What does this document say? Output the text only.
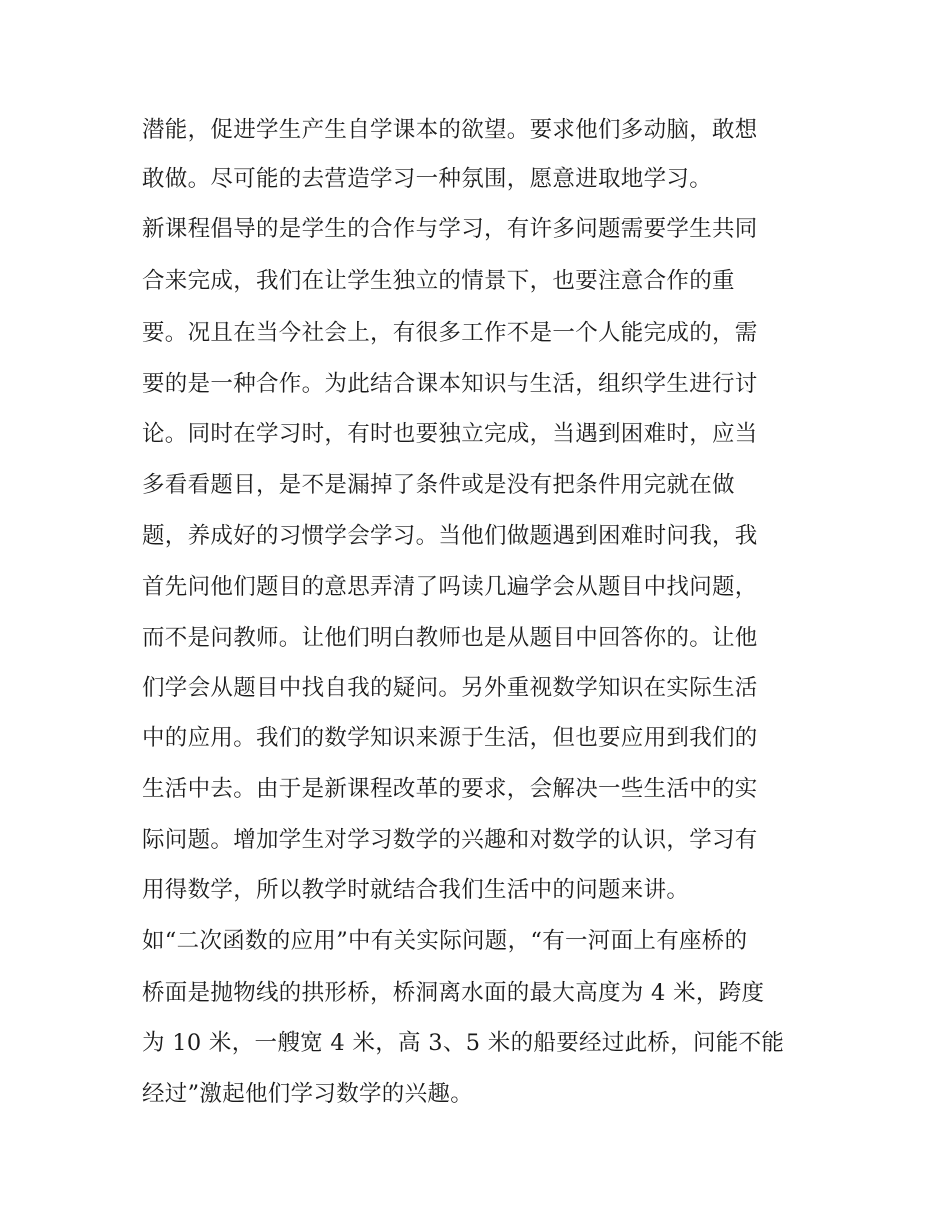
潜能，促进学生产生自学课本的欲望。要求他们多动脑，敢想
敢做。尽可能的去营造学习一种氛围，愿意进取地学习。
新课程倡导的是学生的合作与学习，有许多问题需要学生共同
合来完成，我们在让学生独立的情景下，也要注意合作的重
要。况且在当今社会上，有很多工作不是一个人能完成的，需
要的是一种合作。为此结合课本知识与生活，组织学生进行讨
论。同时在学习时，有时也要独立完成，当遇到困难时，应当
多看看题目，是不是漏掉了条件或是没有把条件用完就在做
题，养成好的习惯学会学习。当他们做题遇到困难时问我，我
首先问他们题目的意思弄清了吗读几遍学会从题目中找问题，
而不是问教师。让他们明白教师也是从题目中回答你的。让他
们学会从题目中找自我的疑问。另外重视数学知识在实际生活
中的应用。我们的数学知识来源于生活，但也要应用到我们的
生活中去。由于是新课程改革的要求，会解决一些生活中的实
际问题。增加学生对学习数学的兴趣和对数学的认识，学习有
用得数学，所以教学时就结合我们生活中的问题来讲。
如“二次函数的应用”中有关实际问题，“有一河面上有座桥的
桥面是抛物线的拱形桥，桥洞离水面的最大高度为 4 米，跨度
为 10 米，一艘宽 4 米，高 3、5 米的船要经过此桥，问能不能
经过”激起他们学习数学的兴趣。
